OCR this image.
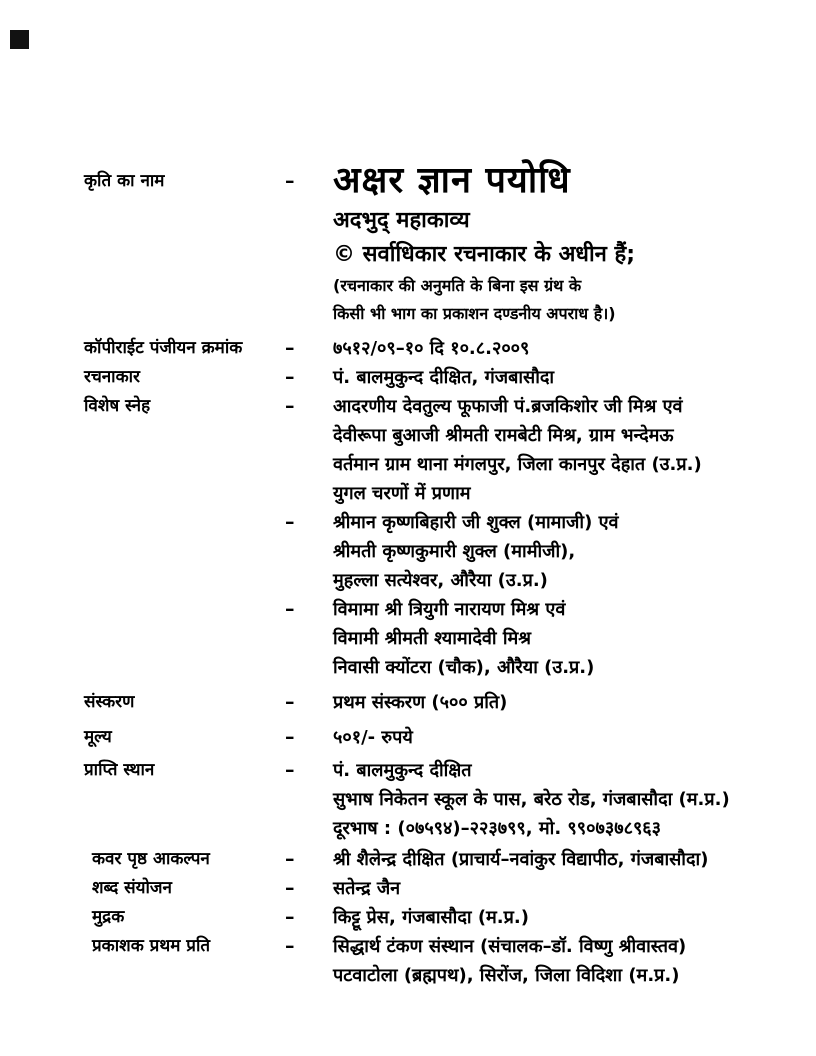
कृति का नाम	–	अक्षर ज्ञान पयोधि
अदभुद् महाकाव्य
© सर्वाधिकार रचनाकार के अधीन हैं;
(रचनाकार की अनुमति के बिना इस ग्रंथ के
किसी भी भाग का प्रकाशन दण्डनीय अपराध है।)
कॉपीराईट पंजीयन क्रमांक	–	७५१२/०९–१० दि १०.८.२००९
रचनाकार	–	पं. बालमुकुन्द दीक्षित, गंजबासौदा
विशेष स्नेह	–	आदरणीय देवतुल्य फूफाजी पं.ब्रजकिशोर जी मिश्र एवं
देवीरूपा बुआजी श्रीमती रामबेटी मिश्र, ग्राम भन्देमऊ
वर्तमान ग्राम थाना मंगलपुर, जिला कानपुर देहात (उ.प्र.)
युगल चरणों में प्रणाम
–	श्रीमान कृष्णबिहारी जी शुक्ल (मामाजी) एवं
श्रीमती कृष्णकुमारी शुक्ल (मामीजी),
मुहल्ला सत्येश्वर, औरैया (उ.प्र.)
–	विमामा श्री त्रियुगी नारायण मिश्र एवं
विमामी श्रीमती श्यामादेवी मिश्र
निवासी क्योंटरा (चौक), औरैया (उ.प्र.)
संस्करण	–	प्रथम संस्करण (५०० प्रति)
मूल्य	–	५०१/- रुपये
प्राप्ति स्थान	–	पं. बालमुकुन्द दीक्षित
सुभाष निकेतन स्कूल के पास, बरेठ रोड, गंजबासौदा (म.प्र.)
दूरभाष : (०७५९४)–२२३७९९, मो. ९९०७३७८९६३
कवर पृष्ठ आकल्पन	–	श्री शैलेन्द्र दीक्षित (प्राचार्य–नवांकुर विद्यापीठ, गंजबासौदा)
शब्द संयोजन	–	सतेन्द्र जैन
मुद्रक	–	किट्टू प्रेस, गंजबासौदा (म.प्र.)
प्रकाशक प्रथम प्रति	–	सिद्धार्थ टंकण संस्थान (संचालक–डॉ. विष्णु श्रीवास्तव)
पटवाटोला (ब्रह्मपथ), सिरोंज, जिला विदिशा (म.प्र.)
